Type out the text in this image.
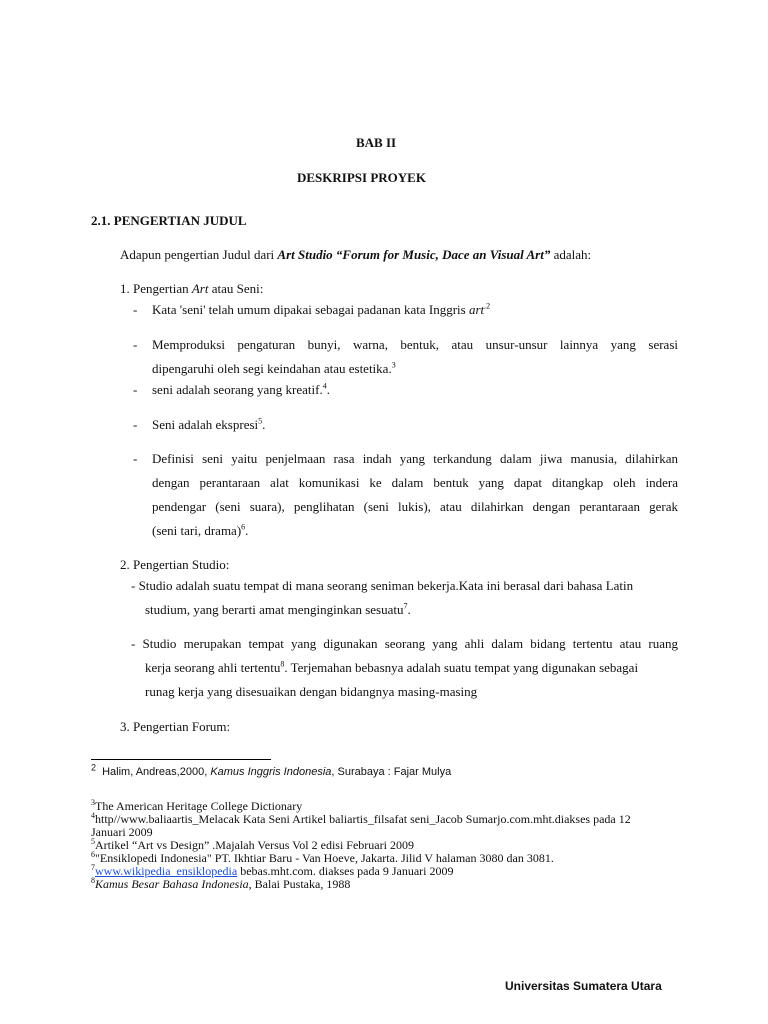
BAB II
DESKRIPSI PROYEK
2.1. PENGERTIAN JUDUL
Adapun pengertian Judul dari Art Studio “Forum for Music, Dace an Visual Art” adalah:
1. Pengertian Art atau Seni:
- Kata 'seni' telah umum dipakai sebagai padanan kata Inggris art$^{.2}$
- Memproduksi pengaturan bunyi, warna, bentuk, atau unsur-unsur lainnya yang serasi
dipengaruhi oleh segi keindahan atau estetika.$^3$
- seni adalah seorang yang kreatif.$^4$.
- Seni adalah ekspresi$^5$.
- Definisi seni yaitu penjelmaan rasa indah yang terkandung dalam jiwa manusia, dilahirkan
dengan perantaraan alat komunikasi ke dalam bentuk yang dapat ditangkap oleh indera
pendengar (seni suara), penglihatan (seni lukis), atau dilahirkan dengan perantaraan gerak
(seni tari, drama)$^6$.
2. Pengertian Studio:
- Studio adalah suatu tempat di mana seorang seniman bekerja.Kata ini berasal dari bahasa Latin
studium, yang berarti amat menginginkan sesuatu$^7$.
- Studio merupakan tempat yang digunakan seorang yang ahli dalam bidang tertentu atau ruang
kerja seorang ahli tertentu$^8$. Terjemahan bebasnya adalah suatu tempat yang digunakan sebagai
runag kerja yang disesuaikan dengan bidangnya masing-masing
3. Pengertian Forum:
$^2$ Halim, Andreas,2000, Kamus Inggris Indonesia, Surabaya : Fajar Mulya
$^3$The American Heritage College Dictionary
$^4$http//www.baliaartis_Melacak Kata Seni Artikel baliartis_filsafat seni_Jacob Sumarjo.com.mht.diakses pada 12
Januari 2009
$^5$Artikel “Art vs Design” .Majalah Versus Vol 2 edisi Februari 2009
$^6$"Ensiklopedi Indonesia" PT. Ikhtiar Baru - Van Hoeve, Jakarta. Jilid V halaman 3080 dan 3081.
$^7$www.wikipedia_ensiklopedia bebas.mht.com. diakses pada 9 Januari 2009
$^8$Kamus Besar Bahasa Indonesia, Balai Pustaka, 1988
Universitas Sumatera Utara
